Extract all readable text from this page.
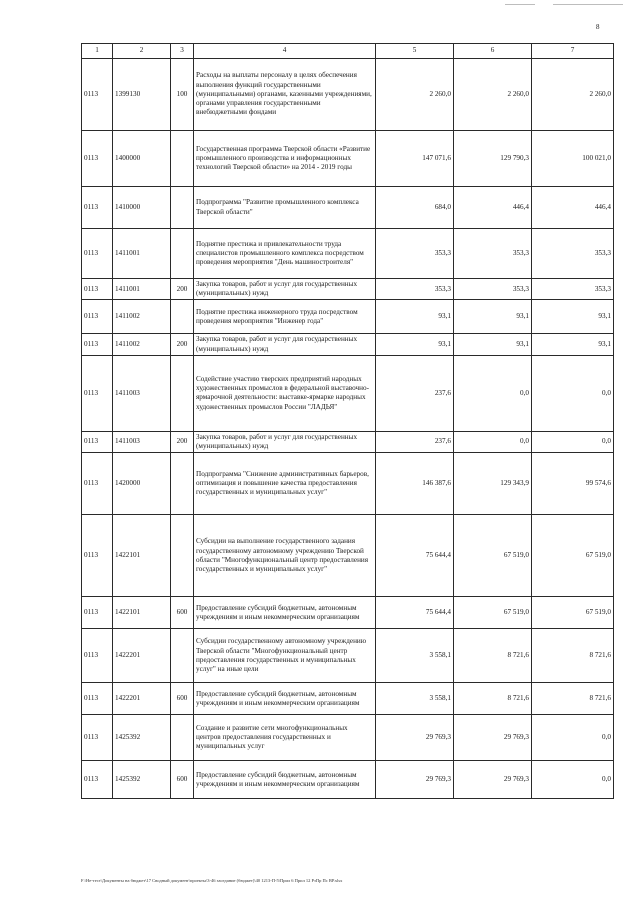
8
1	2	3	4	5	6	7
0113	1399130	100	Расходы на выплаты персоналу в целях обеспечения выполнения функций государственными (муниципальными) органами, казенными учреждениями, органами управления государственными внебюджетными фондами	2 260,0	2 260,0	2 260,0
0113	1400000		Государственная программа Тверской области «Развитие промышленного производства и информационных технологий Тверской области» на 2014 - 2019 годы	147 071,6	129 790,3	100 021,0
0113	1410000		Подпрограмма "Развитие промышленного комплекса Тверской области"	684,0	446,4	446,4
0113	1411001		Поднятие престижа и привлекательности труда специалистов промышленного комплекса посредством проведения мероприятия "День машиностроителя"	353,3	353,3	353,3
0113	1411001	200	Закупка товаров, работ и услуг для государственных (муниципальных) нужд	353,3	353,3	353,3
0113	1411002		Поднятие престижа инженерного труда посредством проведения мероприятия "Инженер года"	93,1	93,1	93,1
0113	1411002	200	Закупка товаров, работ и услуг для государственных (муниципальных) нужд	93,1	93,1	93,1
0113	1411003		Содействие участию тверских предприятий народных художественных промыслов в федеральной выставочно-ярмарочной деятельности: выставке-ярмарке народных художественных промыслов России "ЛАДЬЯ"	237,6	0,0	0,0
0113	1411003	200	Закупка товаров, работ и услуг для государственных (муниципальных) нужд	237,6	0,0	0,0
0113	1420000		Подпрограмма "Снижение административных барьеров, оптимизация и повышение качества предоставления государственных и муниципальных услуг"	146 387,6	129 343,9	99 574,6
0113	1422101		Субсидии на выполнение государственного задания государственному автономному учреждению Тверской области "Многофункциональный центр предоставления государственных и муниципальных услуг"	75 644,4	67 519,0	67 519,0
0113	1422101	600	Предоставление субсидий бюджетным, автономным учреждениям и иным некоммерческим организациям	75 644,4	67 519,0	67 519,0
0113	1422201		Субсидии государственному автономному учреждению Тверской области "Многофункциональный центр предоставления государственных и муниципальных услуг" на иные цели	3 558,1	8 721,6	8 721,6
0113	1422201	600	Предоставление субсидий бюджетным, автономным учреждениям и иным некоммерческим организациям	3 558,1	8 721,6	8 721,6
0113	1425392		Создание и развитие сети многофункциональных центров предоставления государственных и муниципальных услуг	29 769,3	29 769,3	0,0
0113	1425392	600	Предоставление субсидий бюджетным, автономным учреждениям и иным некоммерческим организациям	29 769,3	29 769,3	0,0
F:\Не-тест\Документы на бюджет\17 Сводный документ\проекты\3-46 заседание (бюджет)\40 1213-П-5\Прил 6 Прил 12 РзПр Пс ВР.xlsx
